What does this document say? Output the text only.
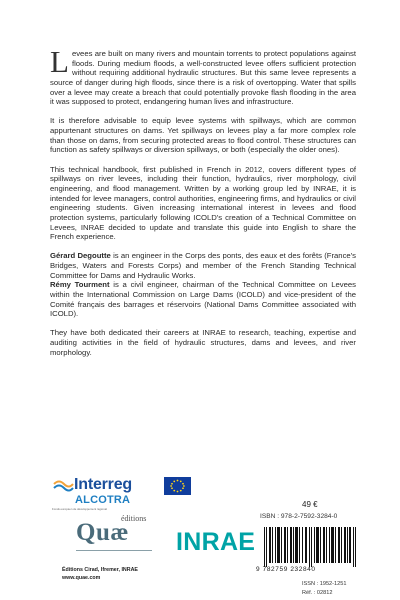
Levees are built on many rivers and mountain torrents to protect populations against floods. During medium floods, a well-constructed levee offers sufficient protection without requiring additional hydraulic structures. But this same levee represents a source of danger during high floods, since there is a risk of overtopping. Water that spills over a levee may create a breach that could potentially provoke flash flooding in the area it was supposed to protect, endangering human lives and infrastructure.

It is therefore advisable to equip levee systems with spillways, which are common appurtenant structures on dams. Yet spillways on levees play a far more complex role than those on dams, from securing protected areas to flood control. These structures can function as safety spillways or diversion spillways, or both (especially the older ones).

This technical handbook, first published in French in 2012, covers different types of spillways on river levees, including their function, hydraulics, river morphology, civil engineering, and flood management. Written by a working group led by INRAE, it is intended for levee managers, control authorities, engineering firms, and hydraulics or civil engineering students. Given increasing international interest in levees and flood protection systems, particularly following ICOLD's creation of a Technical Committee on Levees, INRAE decided to update and translate this guide into English to share the French experience.

Gérard Degoutte is an engineer in the Corps des ponts, des eaux et des forêts (France's Bridges, Waters and Forests Corps) and member of the French Standing Technical Committee for Dams and Hydraulic Works.

Rémy Tourment is a civil engineer, chairman of the Technical Committee on Levees within the International Commission on Large Dams (ICOLD) and vice-president of the Comité français des barrages et réservoirs (National Dams Committee associated with ICOLD).

They have both dedicated their careers at INRAE to research, teaching, expertise and auditing activities in the field of hydraulic structures, dams and levees, and river morphology.

Interreg
ALCOTRA
Fonds européen de développement régional	49 €
ISBN : 978-2-7592-3284-0
9 782759 232840
ISSN : 1952-1251
Réf. : 02812
éditions
Quæ
Éditions Cirad, Ifremer, INRAE
www.quae.com
INRAE
